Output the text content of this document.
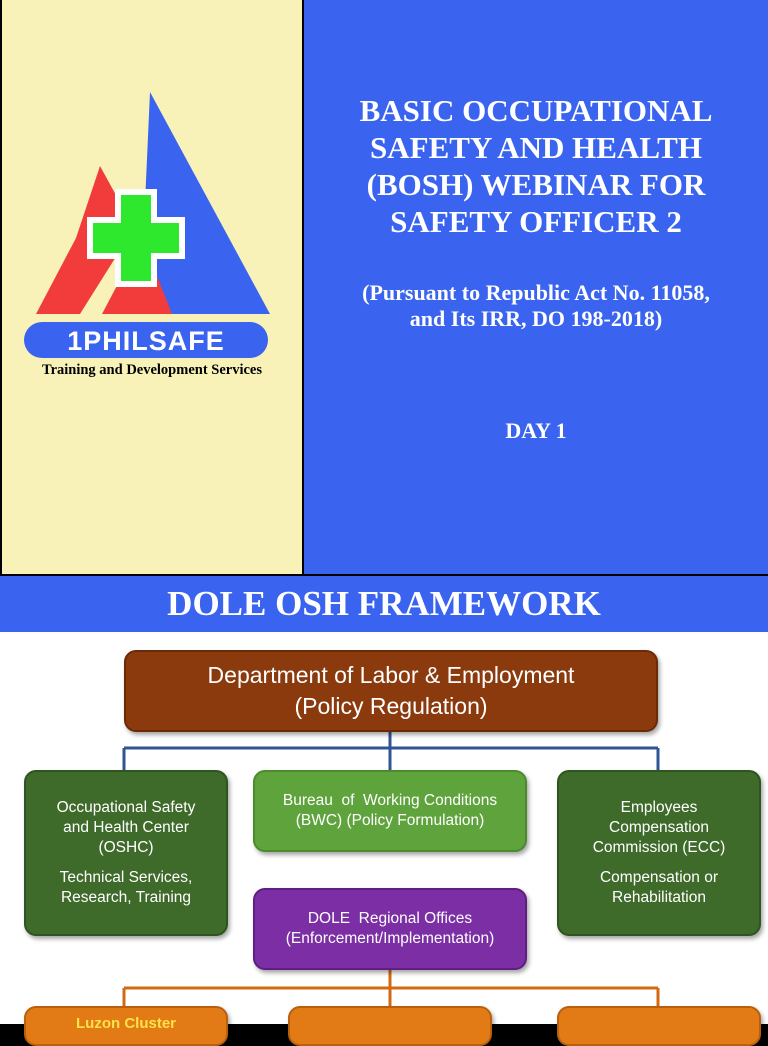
1PHILSAFE
Training and Development Services
BASIC OCCUPATIONAL
SAFETY AND HEALTH
(BOSH) WEBINAR FOR
SAFETY OFFICER 2
(Pursuant to Republic Act No. 11058,
and Its IRR, DO 198-2018)
DAY 1
DOLE OSH FRAMEWORK
Department of Labor & Employment
(Policy Regulation)
Occupational Safety
and Health Center
(OSHC)
Technical Services,
Research, Training
Bureau  of  Working Conditions
(BWC) (Policy Formulation)
Employees
Compensation
Commission (ECC)
Compensation or
Rehabilitation
DOLE  Regional Offices
(Enforcement/Implementation)
Luzon Cluster
